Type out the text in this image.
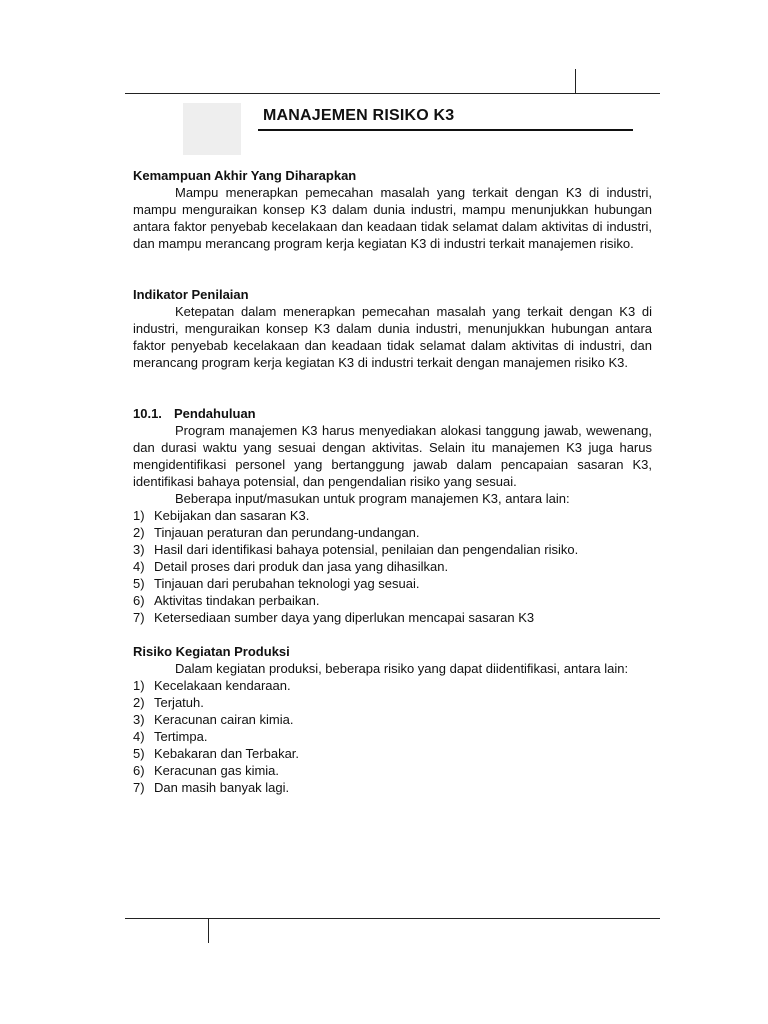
MANAJEMEN RISIKO K3
Kemampuan Akhir Yang Diharapkan

Mampu menerapkan pemecahan masalah yang terkait dengan K3 di industri, mampu menguraikan konsep K3 dalam dunia industri, mampu menunjukkan hubungan antara faktor penyebab kecelakaan dan keadaan tidak selamat dalam aktivitas di industri, dan mampu merancang program kerja kegiatan K3 di industri terkait manajemen risiko.

Indikator Penilaian

Ketepatan dalam menerapkan pemecahan masalah yang terkait dengan K3 di industri, menguraikan konsep K3 dalam dunia industri, menunjukkan hubungan antara faktor penyebab kecelakaan dan keadaan tidak selamat dalam aktivitas di industri, dan merancang program kerja kegiatan K3 di industri terkait dengan manajemen risiko K3.

10.1. Pendahuluan

Program manajemen K3 harus menyediakan alokasi tanggung jawab, wewenang, dan durasi waktu yang sesuai dengan aktivitas. Selain itu manajemen K3 juga harus mengidentifikasi personel yang bertanggung jawab dalam pencapaian sasaran K3, identifikasi bahaya potensial, dan pengendalian risiko yang sesuai.

Beberapa input/masukan untuk program manajemen K3, antara lain:

1) Kebijakan dan sasaran K3.
2) Tinjauan peraturan dan perundang-undangan.
3) Hasil dari identifikasi bahaya potensial, penilaian dan pengendalian risiko.
4) Detail proses dari produk dan jasa yang dihasilkan.
5) Tinjauan dari perubahan teknologi yag sesuai.
6) Aktivitas tindakan perbaikan.
7) Ketersediaan sumber daya yang diperlukan mencapai sasaran K3
Risiko Kegiatan Produksi

Dalam kegiatan produksi, beberapa risiko yang dapat diidentifikasi, antara lain:

1) Kecelakaan kendaraan.
2) Terjatuh.
3) Keracunan cairan kimia.
4) Tertimpa.
5) Kebakaran dan Terbakar.
6) Keracunan gas kimia.
7) Dan masih banyak lagi.
